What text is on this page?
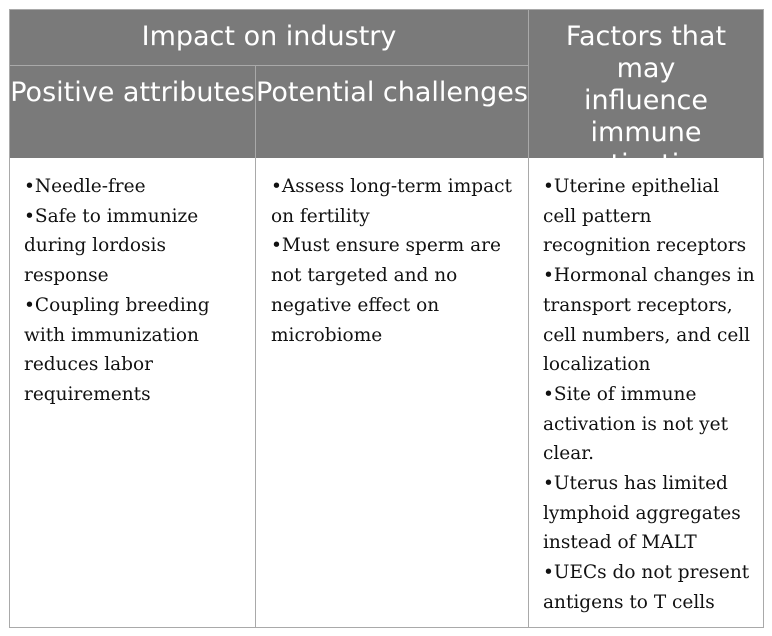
Impact on industry
Positive attributes Potential challenges
Factors that may
influence
immune
activation
•Needle-free
•Safe to immunize during lordosis response
•Coupling breeding with immunization reduces labor requirements
•Assess long-term impact on fertility
•Must ensure sperm are not targeted and no negative effect on microbiome
•Uterine epithelial cell pattern recognition receptors
•Hormonal changes in transport receptors, cell numbers, and cell localization
•Site of immune activation is not yet clear.
•Uterus has limited lymphoid aggregates instead of MALT
•UECs do not present antigens to T cells
